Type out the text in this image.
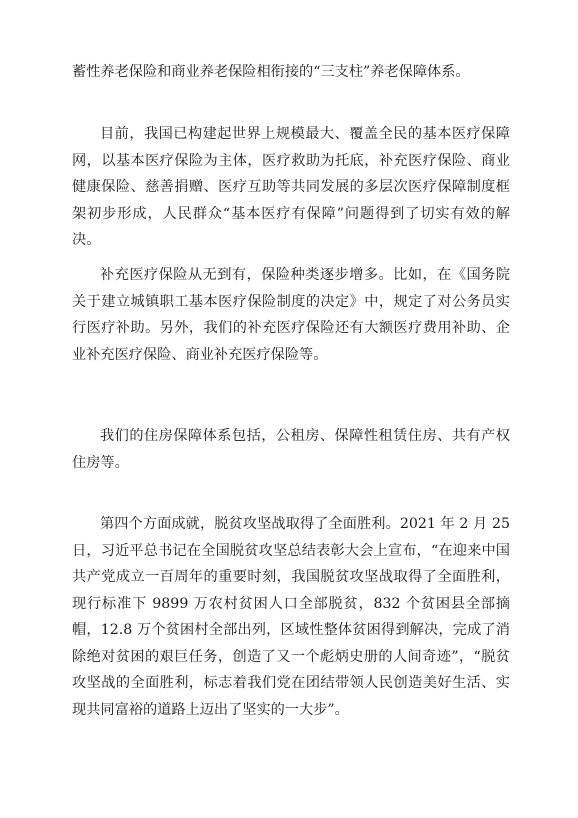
蓄性养老保险和商业养老保险相衔接的“三支柱”养老保障体系。

目前，我国已构建起世界上规模最大、覆盖全民的基本医疗保障网，以基本医疗保险为主体，医疗救助为托底，补充医疗保险、商业健康保险、慈善捐赠、医疗互助等共同发展的多层次医疗保障制度框架初步形成，人民群众“基本医疗有保障”问题得到了切实有效的解决。

补充医疗保险从无到有，保险种类逐步增多。比如，在《国务院关于建立城镇职工基本医疗保险制度的决定》中，规定了对公务员实行医疗补助。另外，我们的补充医疗保险还有大额医疗费用补助、企业补充医疗保险、商业补充医疗保险等。

我们的住房保障体系包括，公租房、保障性租赁住房、共有产权住房等。

第四个方面成就，脱贫攻坚战取得了全面胜利。2021 年 2 月 25 日，习近平总书记在全国脱贫攻坚总结表彰大会上宣布，“在迎来中国共产党成立一百周年的重要时刻，我国脱贫攻坚战取得了全面胜利，现行标准下 9899 万农村贫困人口全部脱贫，832 个贫困县全部摘帽，12.8 万个贫困村全部出列，区域性整体贫困得到解决，完成了消除绝对贫困的艰巨任务，创造了又一个彪炳史册的人间奇迹”，“脱贫攻坚战的全面胜利，标志着我们党在团结带领人民创造美好生活、实现共同富裕的道路上迈出了坚实的一大步”。
